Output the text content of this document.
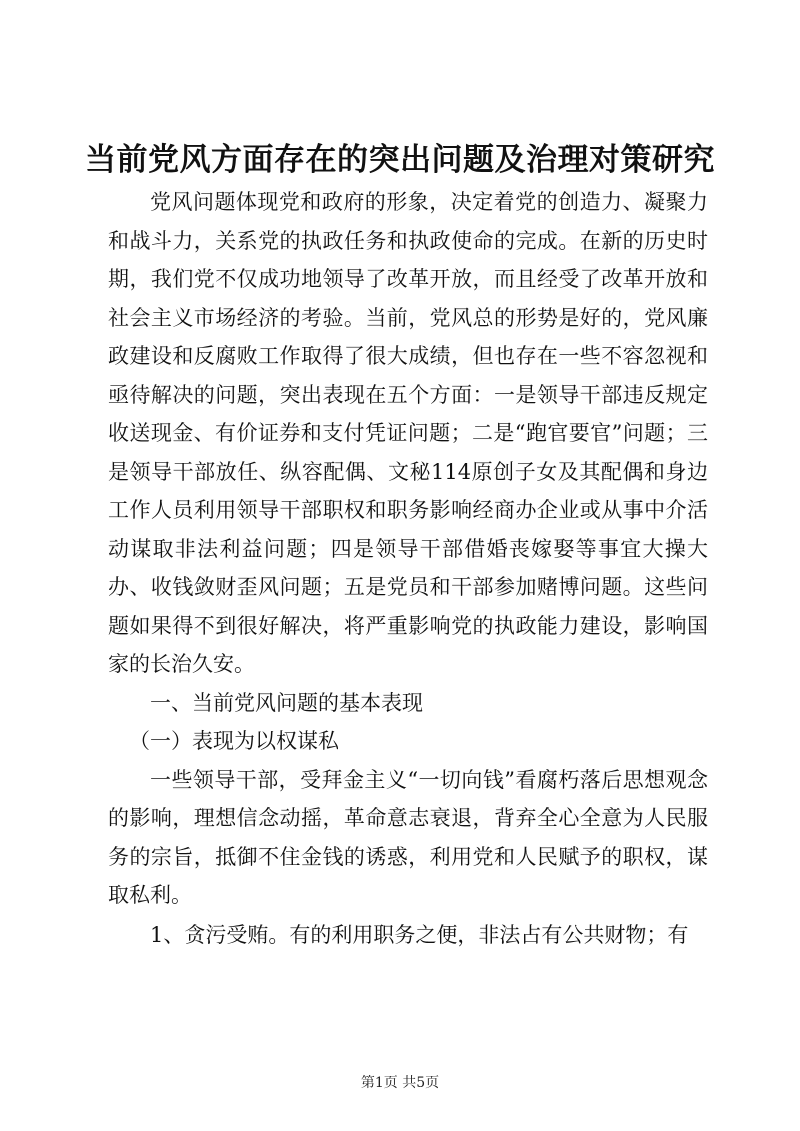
当前党风方面存在的突出问题及治理对策研究

党风问题体现党和政府的形象，决定着党的创造力、凝聚力和战斗力，关系党的执政任务和执政使命的完成。在新的历史时期，我们党不仅成功地领导了改革开放，而且经受了改革开放和社会主义市场经济的考验。当前，党风总的形势是好的，党风廉政建设和反腐败工作取得了很大成绩，但也存在一些不容忽视和亟待解决的问题，突出表现在五个方面：一是领导干部违反规定收送现金、有价证券和支付凭证问题；二是“跑官要官”问题；三是领导干部放任、纵容配偶、文秘114原创子女及其配偶和身边工作人员利用领导干部职权和职务影响经商办企业或从事中介活动谋取非法利益问题；四是领导干部借婚丧嫁娶等事宜大操大办、收钱敛财歪风问题；五是党员和干部参加赌博问题。这些问题如果得不到很好解决，将严重影响党的执政能力建设，影响国家的长治久安。

一、当前党风问题的基本表现

（一）表现为以权谋私

一些领导干部，受拜金主义“一切向钱”看腐朽落后思想观念的影响，理想信念动摇，革命意志衰退，背弃全心全意为人民服务的宗旨，抵御不住金钱的诱惑，利用党和人民赋予的职权，谋取私利。

1、贪污受贿。有的利用职务之便，非法占有公共财物；有

第1页 共5页
